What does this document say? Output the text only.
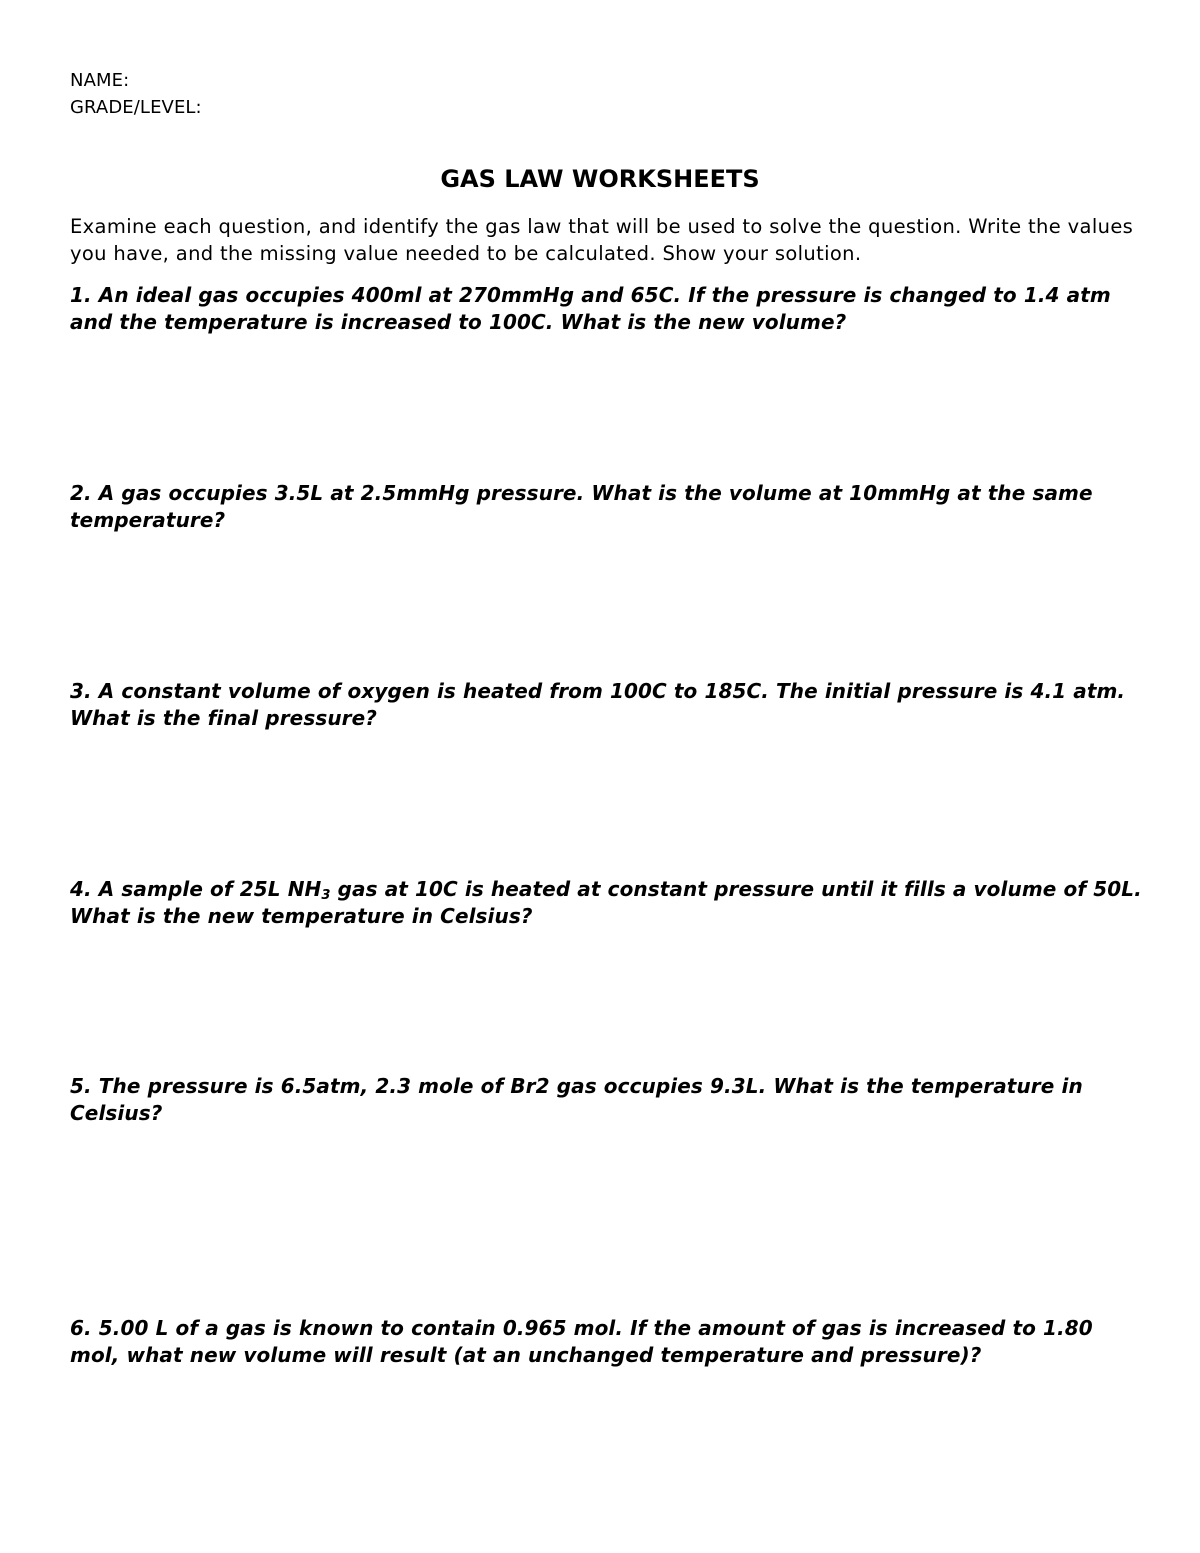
NAME:
GRADE/LEVEL:
GAS LAW WORKSHEETS
Examine each question, and identify the gas law that will be used to solve the question. Write the values you have, and the missing value needed to be calculated. Show your solution.
1. An ideal gas occupies 400ml at 270mmHg and 65C. If the pressure is changed to 1.4 atm and the temperature is increased to 100C. What is the new volume?
2. A gas occupies 3.5L at 2.5mmHg pressure. What is the volume at 10mmHg at the same temperature?
3. A constant volume of oxygen is heated from 100C to 185C. The initial pressure is 4.1 atm. What is the final pressure?
4. A sample of 25L $NH_3$ gas at 10C is heated at constant pressure until it fills a volume of 50L. What is the new temperature in Celsius?
5. The pressure is 6.5atm, 2.3 mole of Br2 gas occupies 9.3L. What is the temperature in Celsius?
6. 5.00 L of a gas is known to contain 0.965 mol. If the amount of gas is increased to 1.80 mol, what new volume will result (at an unchanged temperature and pressure)?
